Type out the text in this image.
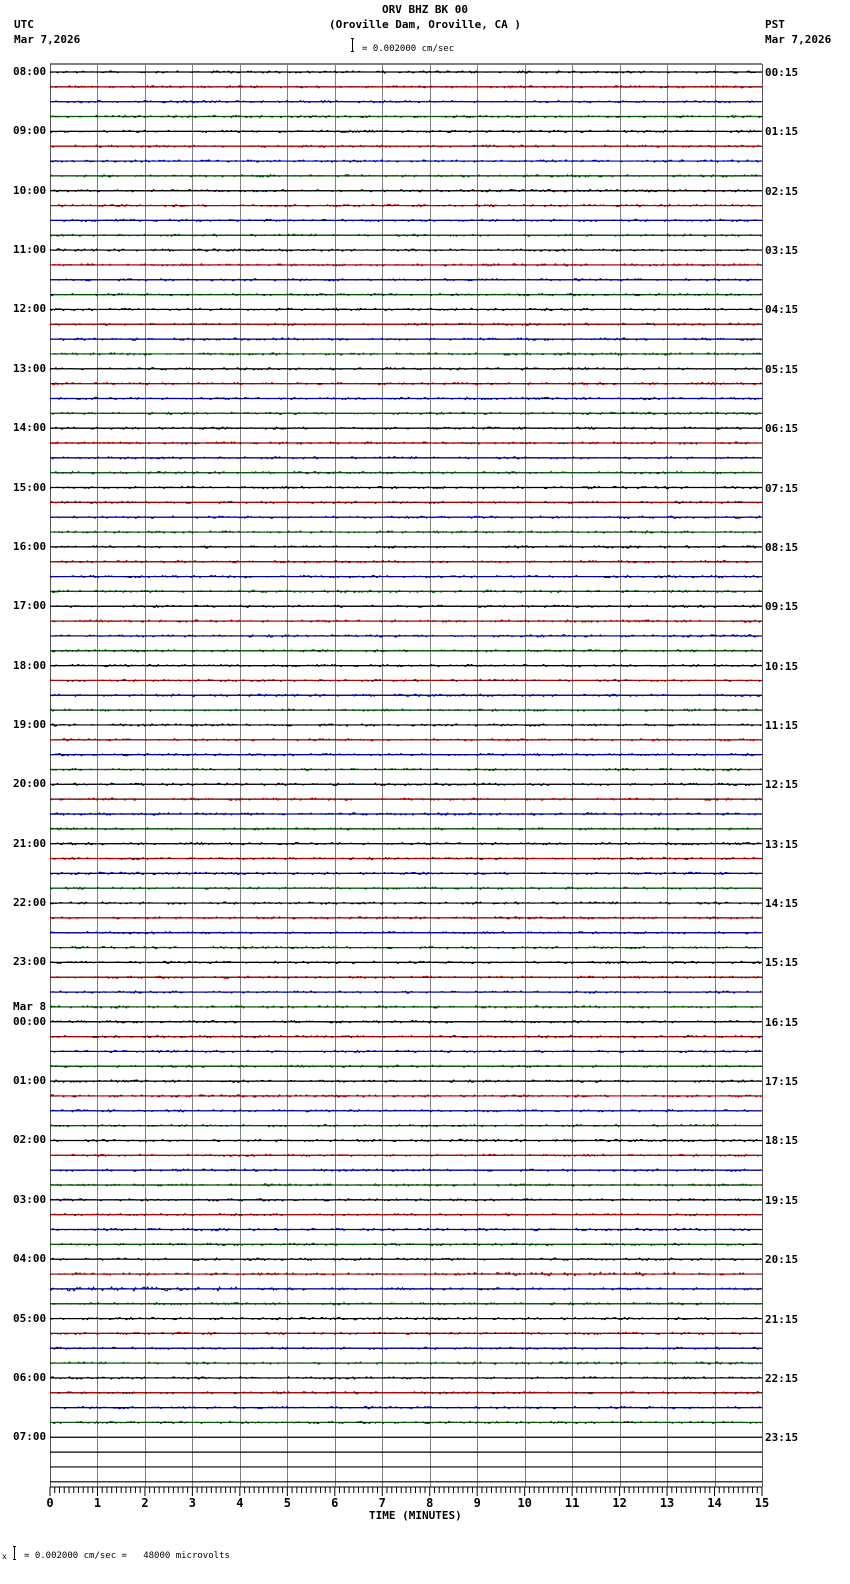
ORV BHZ BK 00
(Oroville Dam, Oroville, CA )
UTC
Mar 7,2026
PST
Mar 7,2026
= 0.002000 cm/sec
0	1	2	3	4	5	6	7	8	9	10	11	12	13	14	15
08:00
09:00
10:00
11:00
12:00
13:00
14:00
15:00
16:00
17:00
18:00
19:00
20:00
21:00
22:00
23:00
00:00
Mar 8
01:00
02:00
03:00
04:00
05:00
06:00
07:00
00:15
01:15
02:15
03:15
04:15
05:15
06:15
07:15
08:15
09:15
10:15
11:15
12:15
13:15
14:15
15:15
16:15
17:15
18:15
19:15
20:15
21:15
22:15
23:15
TIME (MINUTES)
x = 0.002000 cm/sec =   48000 microvolts
